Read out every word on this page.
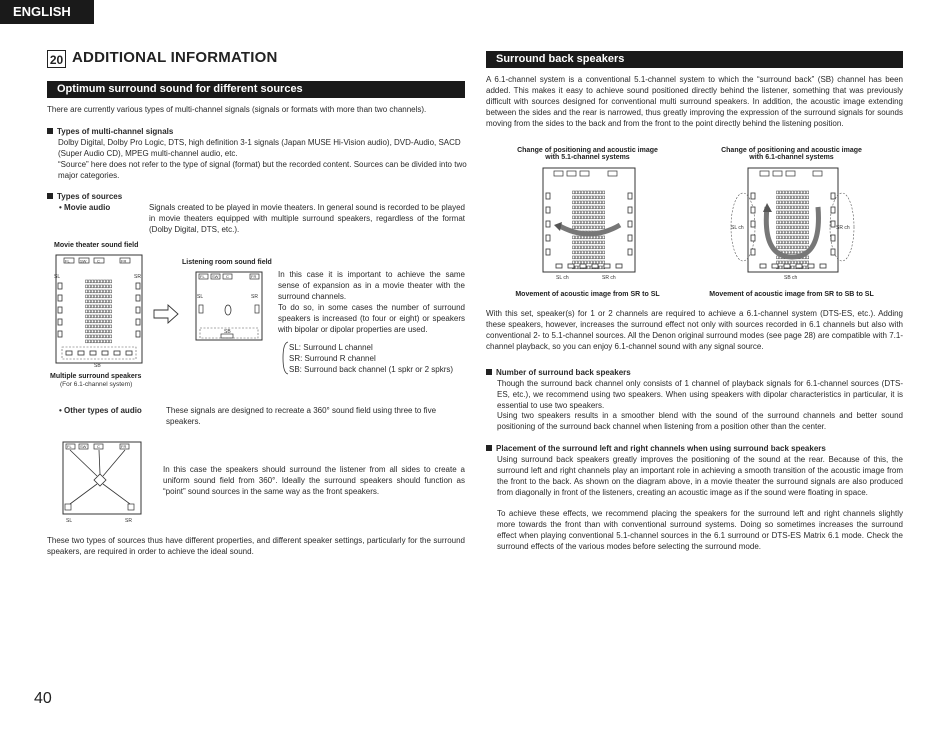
ENGLISH
20 ADDITIONAL INFORMATION
Optimum surround sound for different sources
There are currently various types of multi-channel signals (signals or formats with more than two channels).
Types of multi-channel signals
Dolby Digital, Dolby Pro Logic, DTS, high definition 3-1 signals (Japan MUSE Hi-Vision audio), DVD-Audio, SACD (Super Audio CD), MPEG multi-channel audio, etc.
“Source” here does not refer to the type of signal (format) but the recorded content. Sources can be divided into two major categories.
Types of sources
• Movie audio	Signals created to be played in movie theaters. In general sound is recorded to be played in movie theaters equipped with multiple surround speakers, regardless of the format (Dolby Digital, DTS, etc.).
Movie theater sound field
Listening room sound field
FL	SW	C	FR
SL	SR
SB
FL SW C	FR
SL	SR
SB
Multiple surround speakers
(For 6.1-channel system)
In this case it is important to achieve the same sense of expansion as in a movie theater with the surround channels.
To do so, in some cases the number of surround speakers is increased (to four or eight) or speakers with bipolar or dipolar properties are used.
SL: Surround L channel
SR: Surround R channel
SB: Surround back channel (1 spkr or 2 spkrs)
• Other types of audio	These signals are designed to recreate a 360° sound field using three to five speakers.
FL SW	C	FR
SL	SR
In this case the speakers should surround the listener from all sides to create a uniform sound field from 360°. Ideally the surround speakers should function as “point” sound sources in the same way as the front speakers.
These two types of sources thus have different properties, and different speaker settings, particularly for the surround speakers, are required in order to achieve the ideal sound.
Surround back speakers
A 6.1-channel system is a conventional 5.1-channel system to which the “surround back” (SB) channel has been added. This makes it easy to achieve sound positioned directly behind the listener, something that was previously difficult with sources designed for conventional multi surround speakers. In addition, the acoustic image extending between the sides and the rear is narrowed, thus greatly improving the expression of the surround signals for sounds moving from the sides to the back and from the front to the point directly behind the listening position.
Change of positioning and acoustic image
with 5.1-channel systems
Change of positioning and acoustic image
with 6.1-channel systems
SL ch	SR ch
SL ch	SR ch
SB ch
Movement of acoustic image from SR to SL	Movement of acoustic image from SR to SB to SL
With this set, speaker(s) for 1 or 2 channels are required to achieve a 6.1-channel system (DTS-ES, etc.). Adding these speakers, however, increases the surround effect not only with sources recorded in 6.1 channels but also with conventional 2- to 5.1-channel sources. All the Denon original surround modes (see page 28) are compatible with 7.1-channel playback, so you can enjoy 6.1-channel sound with any signal source.
Number of surround back speakers
Though the surround back channel only consists of 1 channel of playback signals for 6.1-channel sources (DTS-ES, etc.), we recommend using two speakers. When using speakers with dipolar characteristics in particular, it is essential to use two speakers.
Using two speakers results in a smoother blend with the sound of the surround channels and better sound positioning of the surround back channel when listening from a position other than the center.
Placement of the surround left and right channels when using surround back speakers
Using surround back speakers greatly improves the positioning of the sound at the rear. Because of this, the surround left and right channels play an important role in achieving a smooth transition of the acoustic image from the front to the back. As shown on the diagram above, in a movie theater the surround signals are also produced from diagonally in front of the listeners, creating an acoustic image as if the sound were floating in space.
To achieve these effects, we recommend placing the speakers for the surround left and right channels slightly more towards the front than with conventional surround systems. Doing so sometimes increases the surround effect when playing conventional 5.1-channel sources in the 6.1 surround or DTS-ES Matrix 6.1 mode. Check the surround effects of the various modes before selecting the surround mode.
40
